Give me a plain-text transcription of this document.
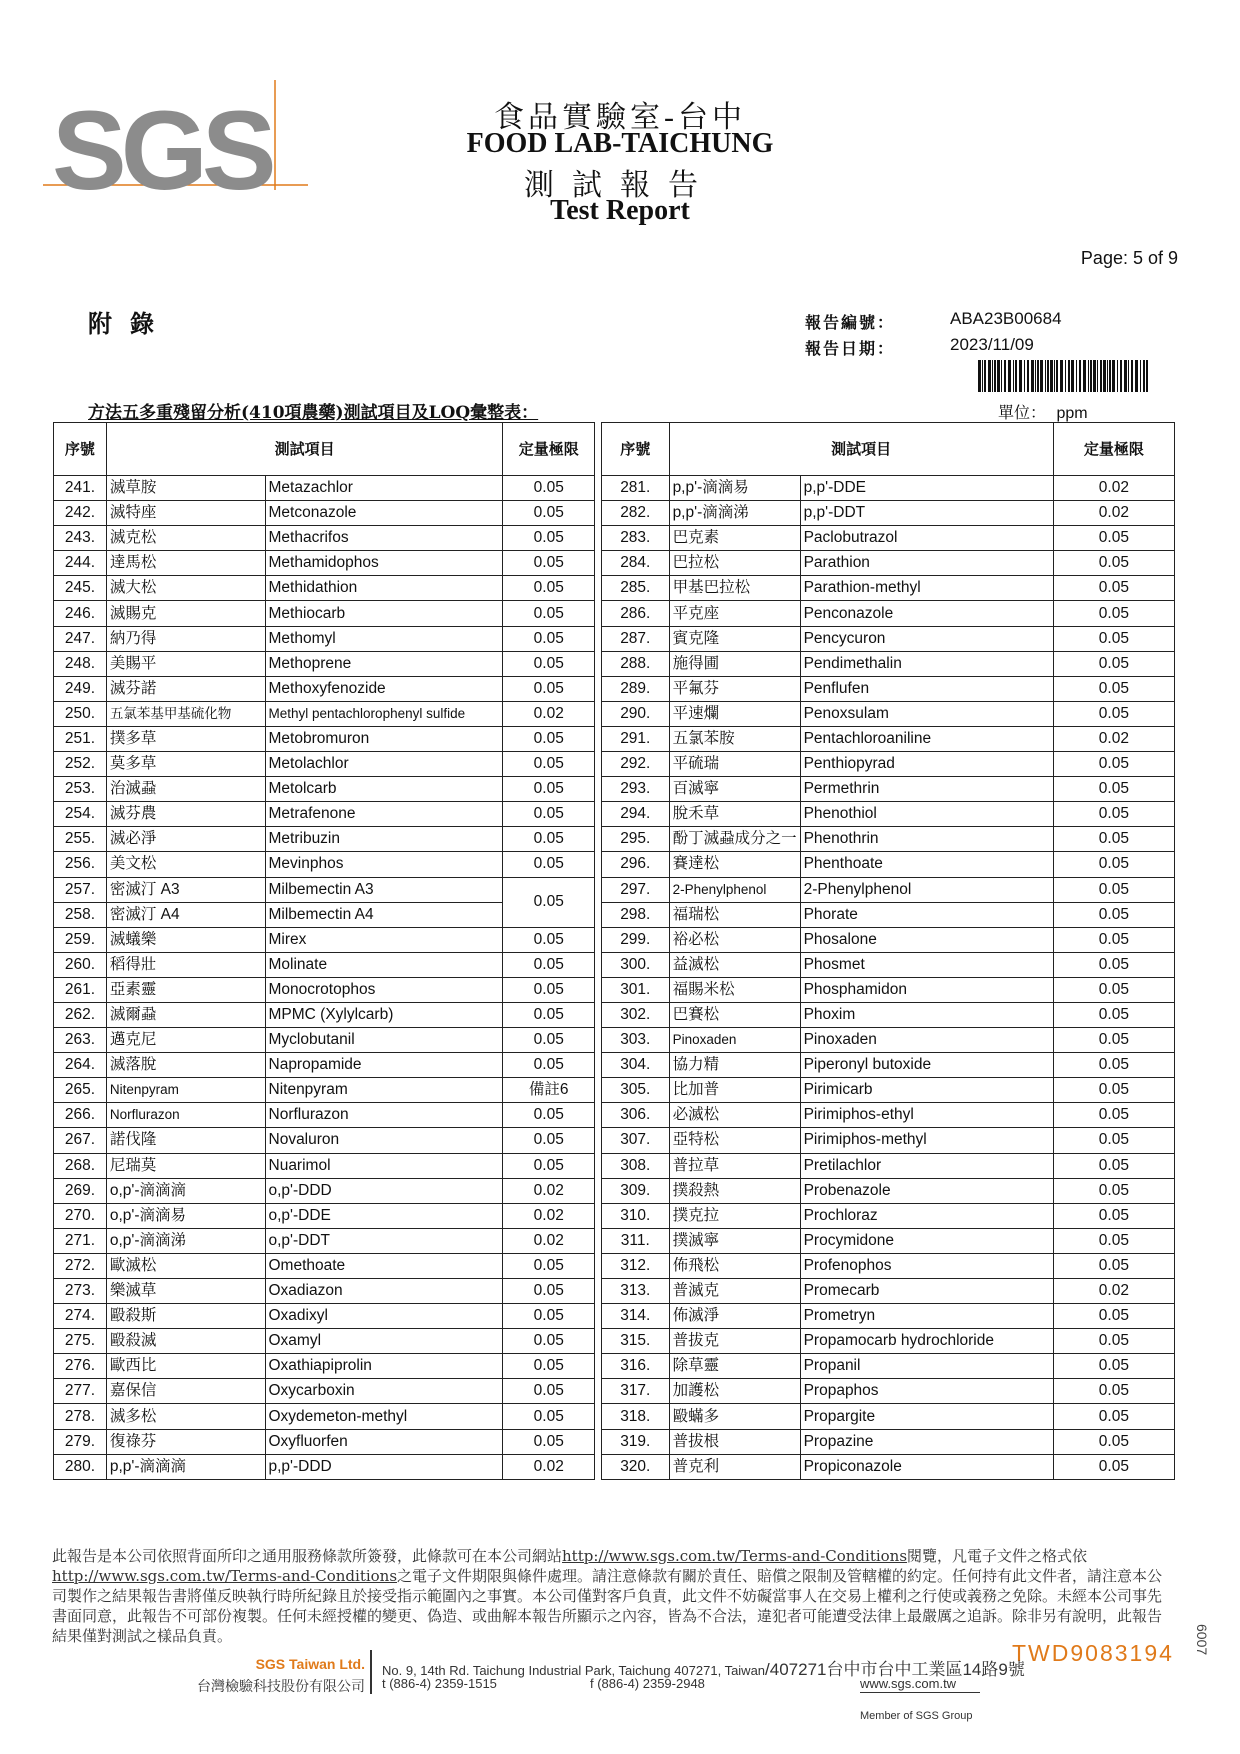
SGS	食品實驗室-台中
FOOD LAB-TAICHUNG
測試報告
Test Report
Page: 5 of 9
附錄	報告編號：	ABA23B00684
報告日期：	2023/11/09
方法五多重殘留分析(410項農藥)測試項目及LOQ彙整表：	單位： ppm
序號	測試項目		定量極限
241.	滅草胺	Metazachlor	0.05
242.	滅特座	Metconazole	0.05
243.	滅克松	Methacrifos	0.05
244.	達馬松	Methamidophos	0.05
245.	滅大松	Methidathion	0.05
246.	滅賜克	Methiocarb	0.05
247.	納乃得	Methomyl	0.05
248.	美賜平	Methoprene	0.05
249.	滅芬諾	Methoxyfenozide	0.05
250.	五氯苯基甲基硫化物	Methyl pentachlorophenyl sulfide	0.02
251.	撲多草	Metobromuron	0.05
252.	莫多草	Metolachlor	0.05
253.	治滅蝨	Metolcarb	0.05
254.	滅芬農	Metrafenone	0.05
255.	滅必淨	Metribuzin	0.05
256.	美文松	Mevinphos	0.05
257.	密滅汀 A3	Milbemectin A3	0.05
258.	密滅汀 A4	Milbemectin A4	
259.	滅蟻樂	Mirex	0.05
260.	稻得壯	Molinate	0.05
261.	亞素靈	Monocrotophos	0.05
262.	滅爾蝨	MPMC (Xylylcarb)	0.05
263.	邁克尼	Myclobutanil	0.05
264.	滅落脫	Napropamide	0.05
265.	Nitenpyram	Nitenpyram	備註6
266.	Norflurazon	Norflurazon	0.05
267.	諾伐隆	Novaluron	0.05
268.	尼瑞莫	Nuarimol	0.05
269.	o,p'-滴滴滴	o,p'-DDD	0.02
270.	o,p'-滴滴易	o,p'-DDE	0.02
271.	o,p'-滴滴涕	o,p'-DDT	0.02
272.	歐滅松	Omethoate	0.05
273.	樂滅草	Oxadiazon	0.05
274.	毆殺斯	Oxadixyl	0.05
275.	毆殺滅	Oxamyl	0.05
276.	歐西比	Oxathiapiprolin	0.05
277.	嘉保信	Oxycarboxin	0.05
278.	滅多松	Oxydemeton-methyl	0.05
279.	復祿芬	Oxyfluorfen	0.05
280.	p,p'-滴滴滴	p,p'-DDD	0.02
序號	測試項目		定量極限
281.	p,p'-滴滴易	p,p'-DDE	0.02
282.	p,p'-滴滴涕	p,p'-DDT	0.02
283.	巴克素	Paclobutrazol	0.05
284.	巴拉松	Parathion	0.05
285.	甲基巴拉松	Parathion-methyl	0.05
286.	平克座	Penconazole	0.05
287.	賓克隆	Pencycuron	0.05
288.	施得圃	Pendimethalin	0.05
289.	平氟芬	Penflufen	0.05
290.	平速爛	Penoxsulam	0.05
291.	五氯苯胺	Pentachloroaniline	0.02
292.	平硫瑞	Penthiopyrad	0.05
293.	百滅寧	Permethrin	0.05
294.	脫禾草	Phenothiol	0.05
295.	酚丁滅蝨成分之一	Phenothrin	0.05
296.	賽達松	Phenthoate	0.05
297.	2-Phenylphenol	2-Phenylphenol	0.05
298.	福瑞松	Phorate	0.05
299.	裕必松	Phosalone	0.05
300.	益滅松	Phosmet	0.05
301.	福賜米松	Phosphamidon	0.05
302.	巴賽松	Phoxim	0.05
303.	Pinoxaden	Pinoxaden	0.05
304.	協力精	Piperonyl butoxide	0.05
305.	比加普	Pirimicarb	0.05
306.	必滅松	Pirimiphos-ethyl	0.05
307.	亞特松	Pirimiphos-methyl	0.05
308.	普拉草	Pretilachlor	0.05
309.	撲殺熱	Probenazole	0.05
310.	撲克拉	Prochloraz	0.05
311.	撲滅寧	Procymidone	0.05
312.	佈飛松	Profenophos	0.05
313.	普滅克	Promecarb	0.02
314.	佈滅淨	Prometryn	0.05
315.	普拔克	Propamocarb hydrochloride	0.05
316.	除草靈	Propanil	0.05
317.	加護松	Propaphos	0.05
318.	毆蟎多	Propargite	0.05
319.	普拔根	Propazine	0.05
320.	普克利	Propiconazole	0.05
此報告是本公司依照背面所印之通用服務條款所簽發，此條款可在本公司網站http://www.sgs.com.tw/Terms-and-Conditions閱覽，凡電子文件之格式依http://www.sgs.com.tw/Terms-and-Conditions之電子文件期限與條件處理。請注意條款有關於責任、賠償之限制及管轄權的約定。任何持有此文件者，請注意本公司製作之結果報告書將僅反映執行時所紀錄且於接受指示範圍內之事實。本公司僅對客戶負責，此文件不妨礙當事人在交易上權利之行使或義務之免除。未經本公司事先書面同意，此報告不可部份複製。任何未經授權的變更、偽造、或曲解本報告所顯示之內容，皆為不合法，違犯者可能遭受法律上最嚴厲之追訴。除非另有說明，此報告結果僅對測試之樣品負責。
TWD9083194 6007
SGS Taiwan Ltd.
台灣檢驗科技股份有限公司
No. 9, 14th Rd. Taichung Industrial Park, Taichung 407271, Taiwan/407271台中市台中工業區14路9號
t (886-4) 2359-1515	f (886-4) 2359-2948	www.sgs.com.tw
Member of SGS Group
